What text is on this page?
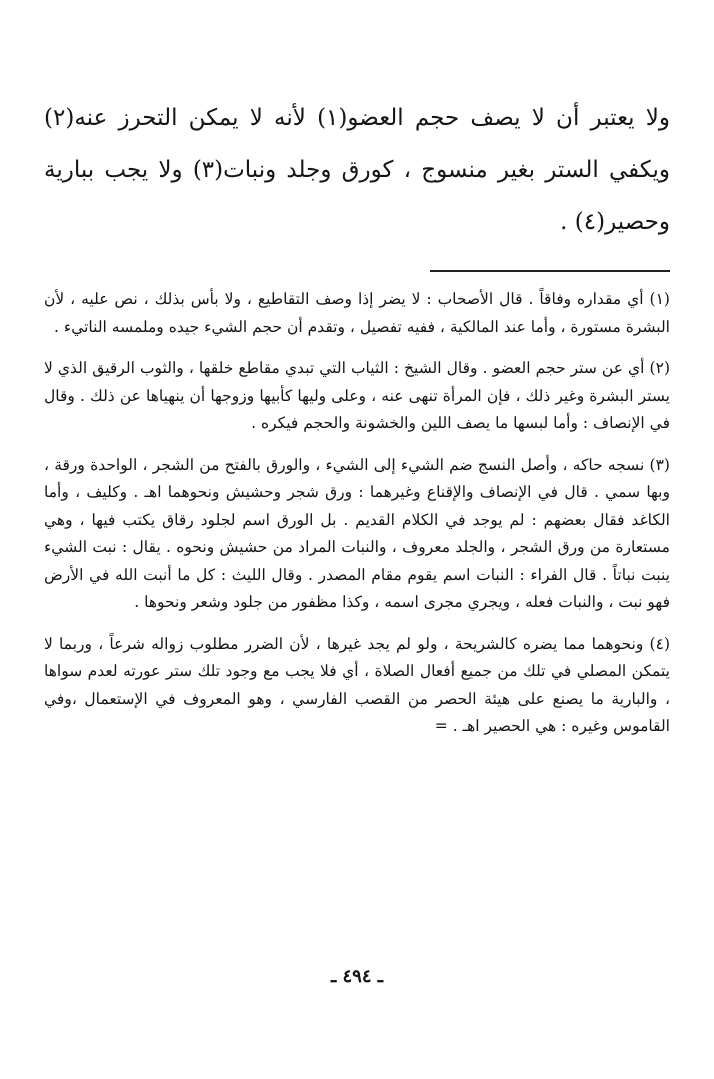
ولا يعتبر أن لا يصف حجم العضو(١) لأنه لا يمكن التحرز عنه(٢) ويكفي الستر بغير منسوج ، كورق وجلد ونبات(٣) ولا يجب ببارية وحصير(٤) .

(١) أي مقداره وفاقاً . قال الأصحاب : لا يضر إذا وصف التقاطيع ، ولا بأس بذلك ، نص عليه ، لأن البشرة مستورة ، وأما عند المالكية ، ففيه تفصيل ، وتقدم أن حجم الشيء جيده وملمسه الناتيء .

(٢) أي عن ستر حجم العضو . وقال الشيخ : الثياب التي تبدي مقاطع خلقها ، والثوب الرقيق الذي لا يستر البشرة وغير ذلك ، فإن المرأة تنهى عنه ، وعلى وليها كأبيها وزوجها أن ينهياها عن ذلك . وقال في الإنصاف : وأما لبسها ما يصف اللين والخشونة والحجم فيكره .

(٣) نسجه حاكه ، وأصل النسج ضم الشيء إلى الشيء ، والورق بالفتح من الشجر ، الواحدة ورقة ، وبها سمي . قال في الإنصاف والإقناع وغيرهما : ورق شجر وحشيش ونحوهما اهـ . وكليف ، وأما الكاغد فقال بعضهم : لم يوجد في الكلام القديم . بل الورق اسم لجلود رقاق يكتب فيها ، وهي مستعارة من ورق الشجر ، والجلد معروف ، والنبات المراد من حشيش ونحوه . يقال : نبت الشيء ينبت نباتاً . قال الفراء : النبات اسم يقوم مقام المصدر . وقال الليث : كل ما أنبت الله في الأرض فهو نبت ، والنبات فعله ، ويجري مجرى اسمه ، وكذا مظفور من جلود وشعر ونحوها .

(٤) ونحوهما مما يضره كالشريحة ، ولو لم يجد غيرها ، لأن الضرر مطلوب زواله شرعاً ، وربما لا يتمكن المصلي في تلك من جميع أفعال الصلاة ، أي فلا يجب مع وجود تلك ستر عورته لعدم سواها ، والبارية ما يصنع على هيئة الحصر من القصب الفارسي ، وهو المعروف في الإستعمال ،وفي القاموس وغيره : هي الحصير اهـ . =

ـ ٤٩٤ ـ
